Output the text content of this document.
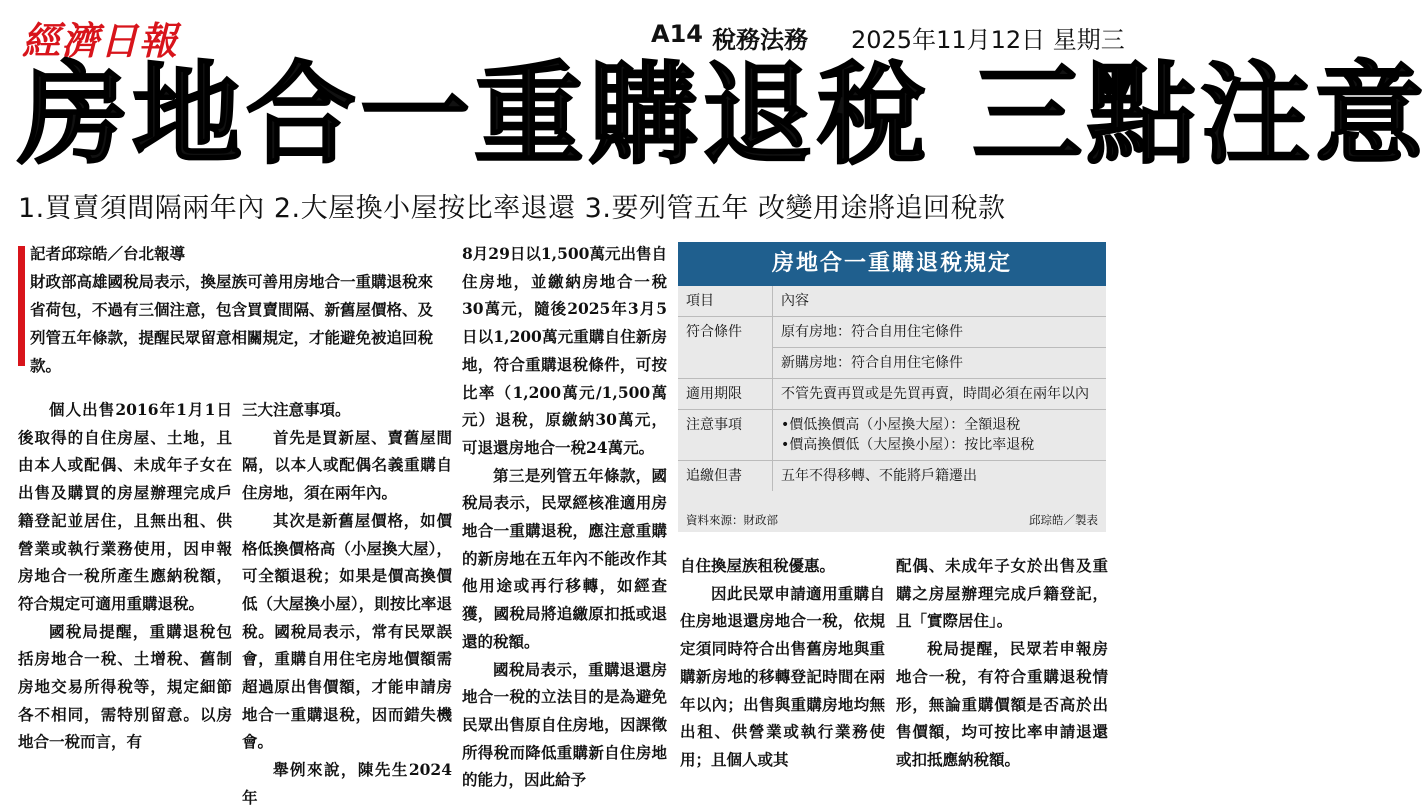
經濟日報	A14 稅務法務 2025年11月12日 星期三
房地合一重購退稅 三點注意
1.買賣須間隔兩年內 2.大屋換小屋按比率退還 3.要列管五年 改變用途將追回稅款
記者邱琮皓／台北報導
財政部高雄國稅局表示，換屋族可善用房地合一重購退稅來省荷包，不過有三個注意，包含買賣間隔、新舊屋價格、及列管五年條款，提醒民眾留意相關規定，才能避免被追回稅款。

個人出售2016年1月1日後取得的自住房屋、土地，且由本人或配偶、未成年子女在出售及購買的房屋辦理完成戶籍登記並居住，且無出租、供營業或執行業務使用，因申報房地合一稅所產生應納稅額，符合規定可適用重購退稅。

國稅局提醒，重購退稅包括房地合一稅、土增稅、舊制房地交易所得稅等，規定細節各不相同，需特別留意。以房地合一稅而言，有

三大注意事項。

首先是買新屋、賣舊屋間隔，以本人或配偶名義重購自住房地，須在兩年內。

其次是新舊屋價格，如價格低換價格高（小屋換大屋），可全額退稅；如果是價高換價低（大屋換小屋），則按比率退稅。國稅局表示，常有民眾誤會，重購自用住宅房地價額需超過原出售價額，才能申請房地合一重購退稅，因而錯失機會。

舉例來說，陳先生2024年

8月29日以1,500萬元出售自住房地，並繳納房地合一稅30萬元，隨後2025年3月5日以1,200萬元重購自住新房地，符合重購退稅條件，可按比率（1,200萬元/1,500萬元）退稅，原繳納30萬元，可退還房地合一稅24萬元。

第三是列管五年條款，國稅局表示，民眾經核准適用房地合一重購退稅，應注意重購的新房地在五年內不能改作其他用途或再行移轉，如經查獲，國稅局將追繳原扣抵或退還的稅額。

國稅局表示，重購退還房地合一稅的立法目的是為避免民眾出售原自住房地，因課徵所得稅而降低重購新自住房地的能力，因此給予

房地合一重購退稅規定
項目	內容
符合條件	原有房地：符合自用住宅條件
	新購房地：符合自用住宅條件
適用期限	不管先賣再買或是先買再賣，時間必須在兩年以內
注意事項	•價低換價高（小屋換大屋）：全額退稅
•價高換價低（大屋換小屋）：按比率退稅

追繳但書	五年不得移轉、不能將戶籍遷出
資料來源：財政部	邱琮皓／製表

自住換屋族租稅優惠。

因此民眾申請適用重購自住房地退還房地合一稅，依規定須同時符合出售舊房地與重購新房地的移轉登記時間在兩年以內；出售與重購房地均無出租、供營業或執行業務使用；且個人或其

配偶、未成年子女於出售及重購之房屋辦理完成戶籍登記，且「實際居住」。

稅局提醒，民眾若申報房地合一稅，有符合重購退稅情形，無論重購價額是否高於出售價額，均可按比率申請退還或扣抵應納稅額。
